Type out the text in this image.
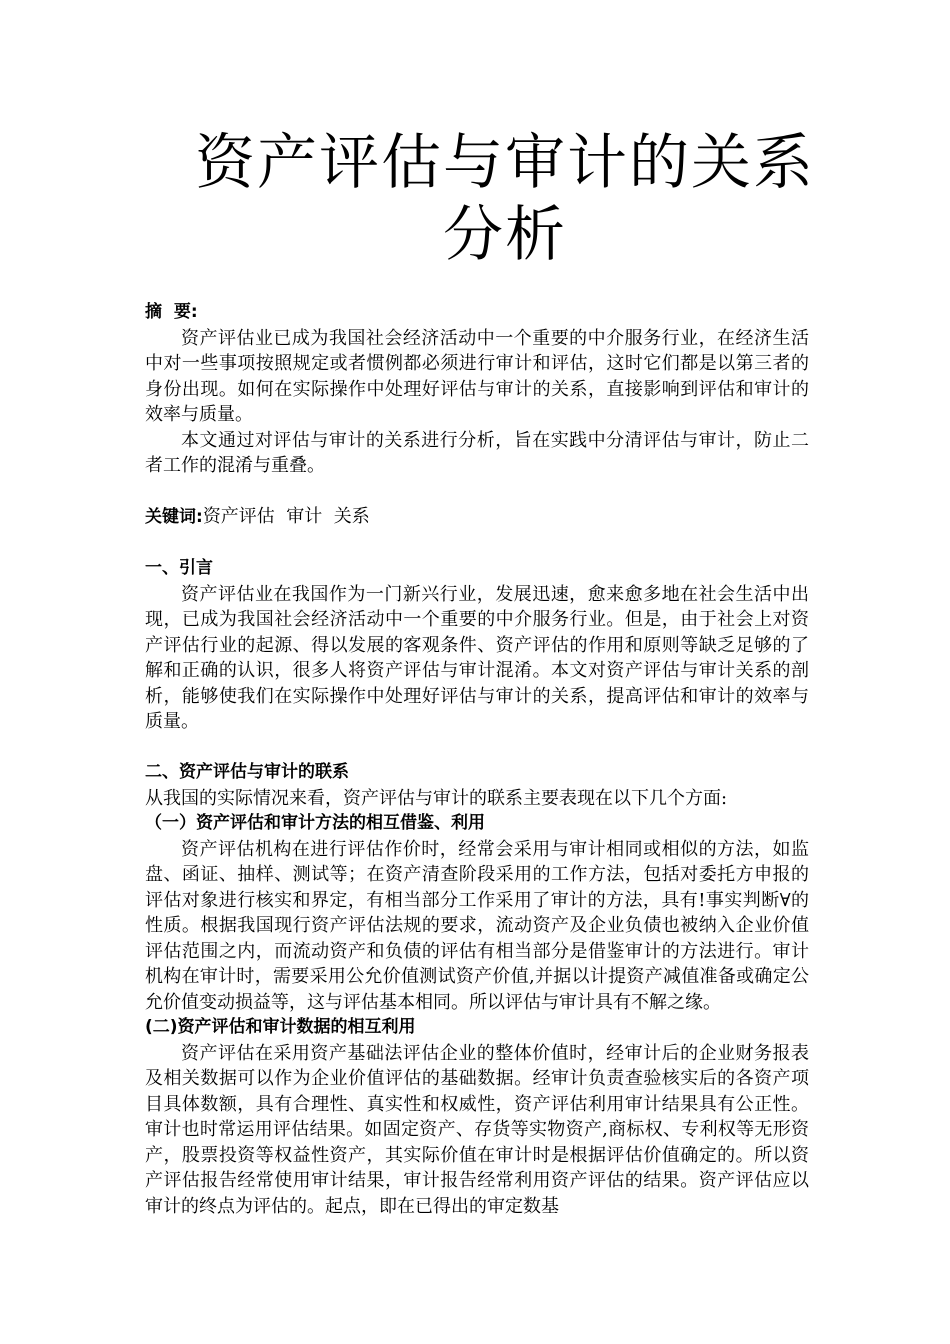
资产评估与审计的关系
分析

摘  要:

资产评估业已成为我国社会经济活动中一个重要的中介服务行业，在经济生活中对一些事项按照规定或者惯例都必须进行审计和评估，这时它们都是以第三者的身份出现。如何在实际操作中处理好评估与审计的关系，直接影响到评估和审计的效率与质量。

本文通过对评估与审计的关系进行分析，旨在实践中分清评估与审计，防止二者工作的混淆与重叠。

关键词:资产评估  审计  关系

一、引言

资产评估业在我国作为一门新兴行业，发展迅速，愈来愈多地在社会生活中出现，已成为我国社会经济活动中一个重要的中介服务行业。但是，由于社会上对资产评估行业的起源、得以发展的客观条件、资产评估的作用和原则等缺乏足够的了解和正确的认识，很多人将资产评估与审计混淆。本文对资产评估与审计关系的剖析，能够使我们在实际操作中处理好评估与审计的关系，提高评估和审计的效率与质量。

二、资产评估与审计的联系

从我国的实际情况来看，资产评估与审计的联系主要表现在以下几个方面:

（一）资产评估和审计方法的相互借鉴、利用

资产评估机构在进行评估作价时，经常会采用与审计相同或相似的方法，如监盘、函证、抽样、测试等；在资产清查阶段采用的工作方法，包括对委托方申报的评估对象进行核实和界定，有相当部分工作采用了审计的方法，具有!事实判断∀的性质。根据我国现行资产评估法规的要求，流动资产及企业负债也被纳入企业价值评估范围之内，而流动资产和负债的评估有相当部分是借鉴审计的方法进行。审计机构在审计时，需要采用公允价值测试资产价值,并据以计提资产减值准备或确定公允价值变动损益等，这与评估基本相同。所以评估与审计具有不解之缘。

(二)资产评估和审计数据的相互利用

资产评估在采用资产基础法评估企业的整体价值时，经审计后的企业财务报表及相关数据可以作为企业价值评估的基础数据。经审计负责查验核实后的各资产项目具体数额，具有合理性、真实性和权威性，资产评估利用审计结果具有公正性。审计也时常运用评估结果。如固定资产、存货等实物资产,商标权、专利权等无形资产，股票投资等权益性资产，其实际价值在审计时是根据评估价值确定的。所以资产评估报告经常使用审计结果，审计报告经常利用资产评估的结果。资产评估应以审计的终点为评估的。起点，即在已得出的审定数基
